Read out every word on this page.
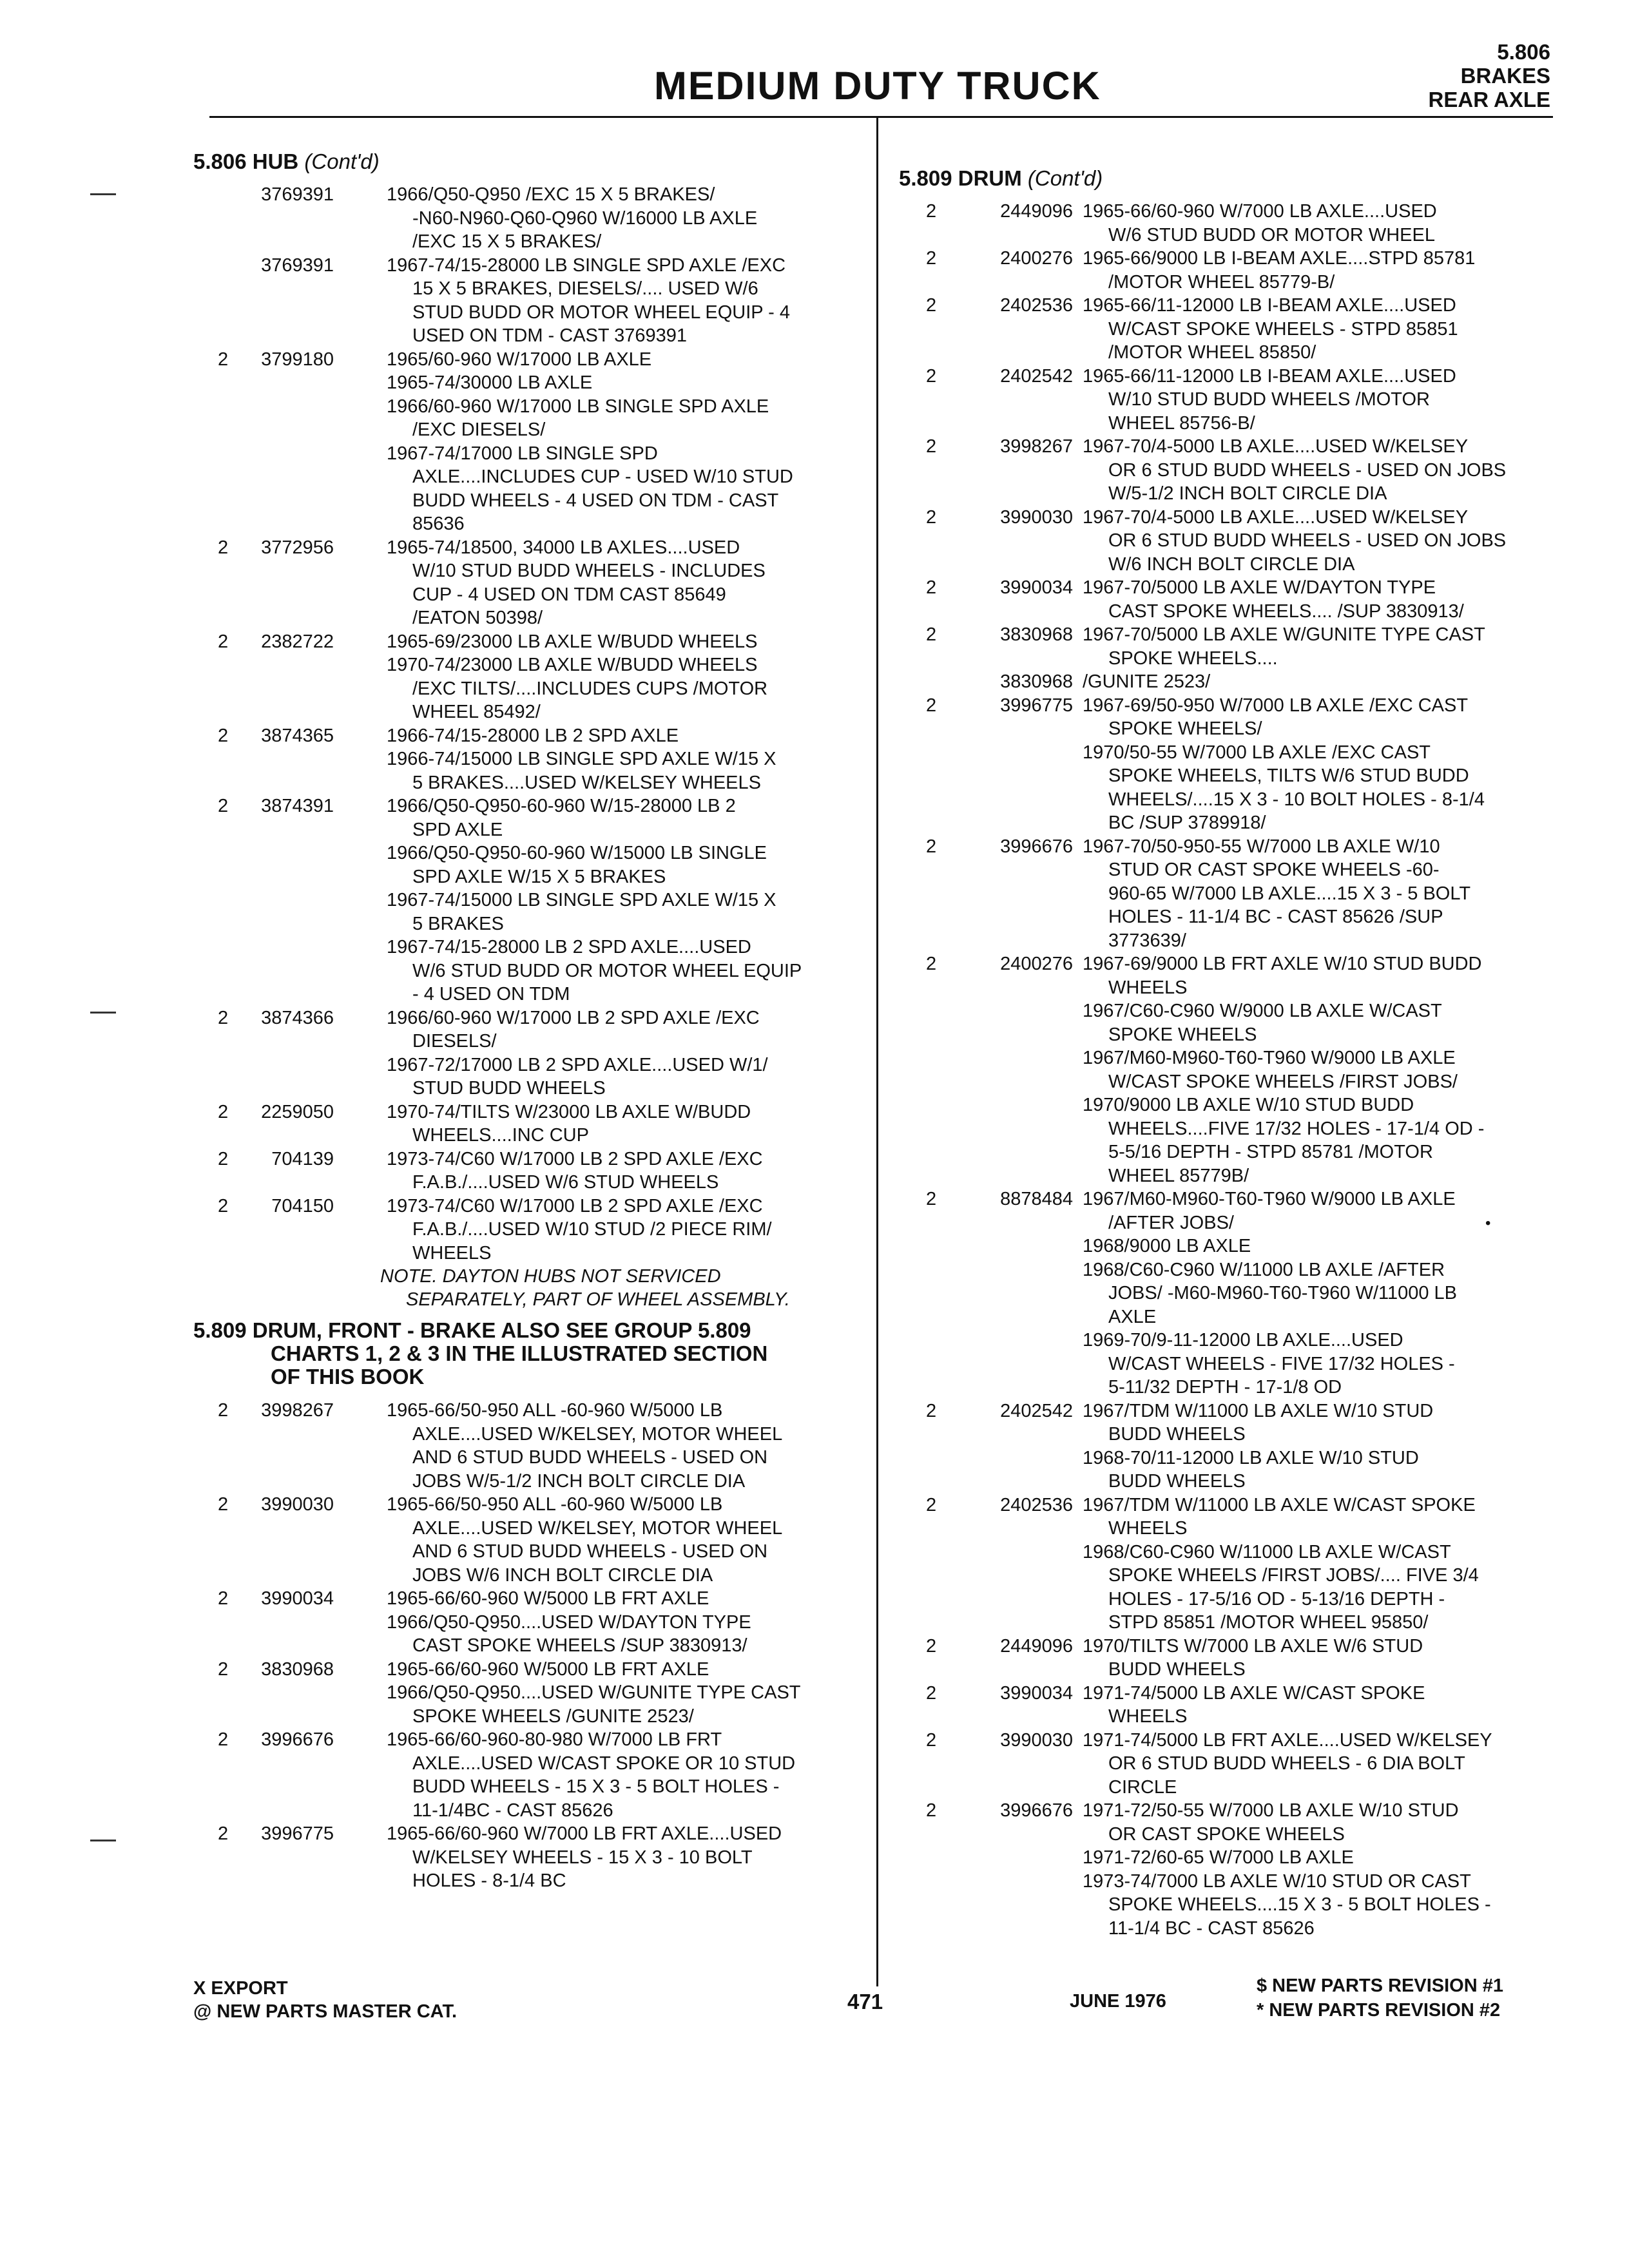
MEDIUM DUTY TRUCK
5.806
BRAKES
REAR AXLE
5.806 HUB (Cont'd)
3769391	1966/Q50-Q950 /EXC 15 X 5 BRAKES/
-N60-N960-Q60-Q960 W/16000 LB AXLE
/EXC 15 X 5 BRAKES/
3769391	1967-74/15-28000 LB SINGLE SPD AXLE /EXC
15 X 5 BRAKES, DIESELS/.... USED W/6
STUD BUDD OR MOTOR WHEEL EQUIP - 4
USED ON TDM - CAST 3769391
2	3799180	1965/60-960 W/17000 LB AXLE
1965-74/30000 LB AXLE
1966/60-960 W/17000 LB SINGLE SPD AXLE
/EXC DIESELS/
1967-74/17000 LB SINGLE SPD
AXLE....INCLUDES CUP - USED W/10 STUD
BUDD WHEELS - 4 USED ON TDM - CAST
85636
2	3772956	1965-74/18500, 34000 LB AXLES....USED
W/10 STUD BUDD WHEELS - INCLUDES
CUP - 4 USED ON TDM CAST 85649
/EATON 50398/
2	2382722	1965-69/23000 LB AXLE W/BUDD WHEELS
1970-74/23000 LB AXLE W/BUDD WHEELS
/EXC TILTS/....INCLUDES CUPS /MOTOR
WHEEL 85492/
2	3874365	1966-74/15-28000 LB 2 SPD AXLE
1966-74/15000 LB SINGLE SPD AXLE W/15 X
5 BRAKES....USED W/KELSEY WHEELS
2	3874391	1966/Q50-Q950-60-960 W/15-28000 LB 2
SPD AXLE
1966/Q50-Q950-60-960 W/15000 LB SINGLE
SPD AXLE W/15 X 5 BRAKES
1967-74/15000 LB SINGLE SPD AXLE W/15 X
5 BRAKES
1967-74/15-28000 LB 2 SPD AXLE....USED
W/6 STUD BUDD OR MOTOR WHEEL EQUIP
- 4 USED ON TDM
2	3874366	1966/60-960 W/17000 LB 2 SPD AXLE /EXC
DIESELS/
1967-72/17000 LB 2 SPD AXLE....USED W/1/
STUD BUDD WHEELS
2	2259050	1970-74/TILTS W/23000 LB AXLE W/BUDD
WHEELS....INC CUP
2	704139	1973-74/C60 W/17000 LB 2 SPD AXLE /EXC
F.A.B./....USED W/6 STUD WHEELS
2	704150	1973-74/C60 W/17000 LB 2 SPD AXLE /EXC
F.A.B./....USED W/10 STUD /2 PIECE RIM/
WHEELS
NOTE. DAYTON HUBS NOT SERVICED
SEPARATELY, PART OF WHEEL ASSEMBLY.
5.809 DRUM, FRONT - BRAKE ALSO SEE GROUP 5.809
CHARTS 1, 2 & 3 IN THE ILLUSTRATED SECTION
OF THIS BOOK
2	3998267	1965-66/50-950 ALL -60-960 W/5000 LB
AXLE....USED W/KELSEY, MOTOR WHEEL
AND 6 STUD BUDD WHEELS - USED ON
JOBS W/5-1/2 INCH BOLT CIRCLE DIA
2	3990030	1965-66/50-950 ALL -60-960 W/5000 LB
AXLE....USED W/KELSEY, MOTOR WHEEL
AND 6 STUD BUDD WHEELS - USED ON
JOBS W/6 INCH BOLT CIRCLE DIA
2	3990034	1965-66/60-960 W/5000 LB FRT AXLE
1966/Q50-Q950....USED W/DAYTON TYPE
CAST SPOKE WHEELS /SUP 3830913/
2	3830968	1965-66/60-960 W/5000 LB FRT AXLE
1966/Q50-Q950....USED W/GUNITE TYPE CAST
SPOKE WHEELS /GUNITE 2523/
2	3996676	1965-66/60-960-80-980 W/7000 LB FRT
AXLE....USED W/CAST SPOKE OR 10 STUD
BUDD WHEELS - 15 X 3 - 5 BOLT HOLES -
11-1/4BC - CAST 85626
2	3996775	1965-66/60-960 W/7000 LB FRT AXLE....USED
W/KELSEY WHEELS - 15 X 3 - 10 BOLT
HOLES - 8-1/4 BC
5.809 DRUM (Cont'd)
2	2449096 1965-66/60-960 W/7000 LB AXLE....USED
W/6 STUD BUDD OR MOTOR WHEEL
2	2400276 1965-66/9000 LB I-BEAM AXLE....STPD 85781
/MOTOR WHEEL 85779-B/
2	2402536 1965-66/11-12000 LB I-BEAM AXLE....USED
W/CAST SPOKE WHEELS - STPD 85851
/MOTOR WHEEL 85850/
2	2402542 1965-66/11-12000 LB I-BEAM AXLE....USED
W/10 STUD BUDD WHEELS /MOTOR
WHEEL 85756-B/
2	3998267 1967-70/4-5000 LB AXLE....USED W/KELSEY
OR 6 STUD BUDD WHEELS - USED ON JOBS
W/5-1/2 INCH BOLT CIRCLE DIA
2	3990030 1967-70/4-5000 LB AXLE....USED W/KELSEY
OR 6 STUD BUDD WHEELS - USED ON JOBS
W/6 INCH BOLT CIRCLE DIA
2	3990034 1967-70/5000 LB AXLE W/DAYTON TYPE
CAST SPOKE WHEELS.... /SUP 3830913/
2	3830968 1967-70/5000 LB AXLE W/GUNITE TYPE CAST
SPOKE WHEELS....
3830968 /GUNITE 2523/
2	3996775 1967-69/50-950 W/7000 LB AXLE /EXC CAST
SPOKE WHEELS/
1970/50-55 W/7000 LB AXLE /EXC CAST
SPOKE WHEELS, TILTS W/6 STUD BUDD
WHEELS/....15 X 3 - 10 BOLT HOLES - 8-1/4
BC /SUP 3789918/
2	3996676 1967-70/50-950-55 W/7000 LB AXLE W/10
STUD OR CAST SPOKE WHEELS -60-
960-65 W/7000 LB AXLE....15 X 3 - 5 BOLT
HOLES - 11-1/4 BC - CAST 85626 /SUP
3773639/
2	2400276 1967-69/9000 LB FRT AXLE W/10 STUD BUDD
WHEELS
1967/C60-C960 W/9000 LB AXLE W/CAST
SPOKE WHEELS
1967/M60-M960-T60-T960 W/9000 LB AXLE
W/CAST SPOKE WHEELS /FIRST JOBS/
1970/9000 LB AXLE W/10 STUD BUDD
WHEELS....FIVE 17/32 HOLES - 17-1/4 OD -
5-5/16 DEPTH - STPD 85781 /MOTOR
WHEEL 85779B/
2	8878484 1967/M60-M960-T60-T960 W/9000 LB AXLE
/AFTER JOBS/
1968/9000 LB AXLE
1968/C60-C960 W/11000 LB AXLE /AFTER
JOBS/ -M60-M960-T60-T960 W/11000 LB
AXLE
1969-70/9-11-12000 LB AXLE....USED
W/CAST WHEELS - FIVE 17/32 HOLES -
5-11/32 DEPTH - 17-1/8 OD
2	2402542 1967/TDM W/11000 LB AXLE W/10 STUD
BUDD WHEELS
1968-70/11-12000 LB AXLE W/10 STUD
BUDD WHEELS
2	2402536 1967/TDM W/11000 LB AXLE W/CAST SPOKE
WHEELS
1968/C60-C960 W/11000 LB AXLE W/CAST
SPOKE WHEELS /FIRST JOBS/.... FIVE 3/4
HOLES - 17-5/16 OD - 5-13/16 DEPTH -
STPD 85851 /MOTOR WHEEL 95850/
2	2449096 1970/TILTS W/7000 LB AXLE W/6 STUD
BUDD WHEELS
2	3990034 1971-74/5000 LB AXLE W/CAST SPOKE
WHEELS
2	3990030 1971-74/5000 LB FRT AXLE....USED W/KELSEY
OR 6 STUD BUDD WHEELS - 6 DIA BOLT
CIRCLE
2	3996676 1971-72/50-55 W/7000 LB AXLE W/10 STUD
OR CAST SPOKE WHEELS
1971-72/60-65 W/7000 LB AXLE
1973-74/7000 LB AXLE W/10 STUD OR CAST
SPOKE WHEELS....15 X 3 - 5 BOLT HOLES -
11-1/4 BC - CAST 85626
•
X EXPORT
@ NEW PARTS MASTER CAT.	471	JUNE 1976
$ NEW PARTS REVISION #1
* NEW PARTS REVISION #2
